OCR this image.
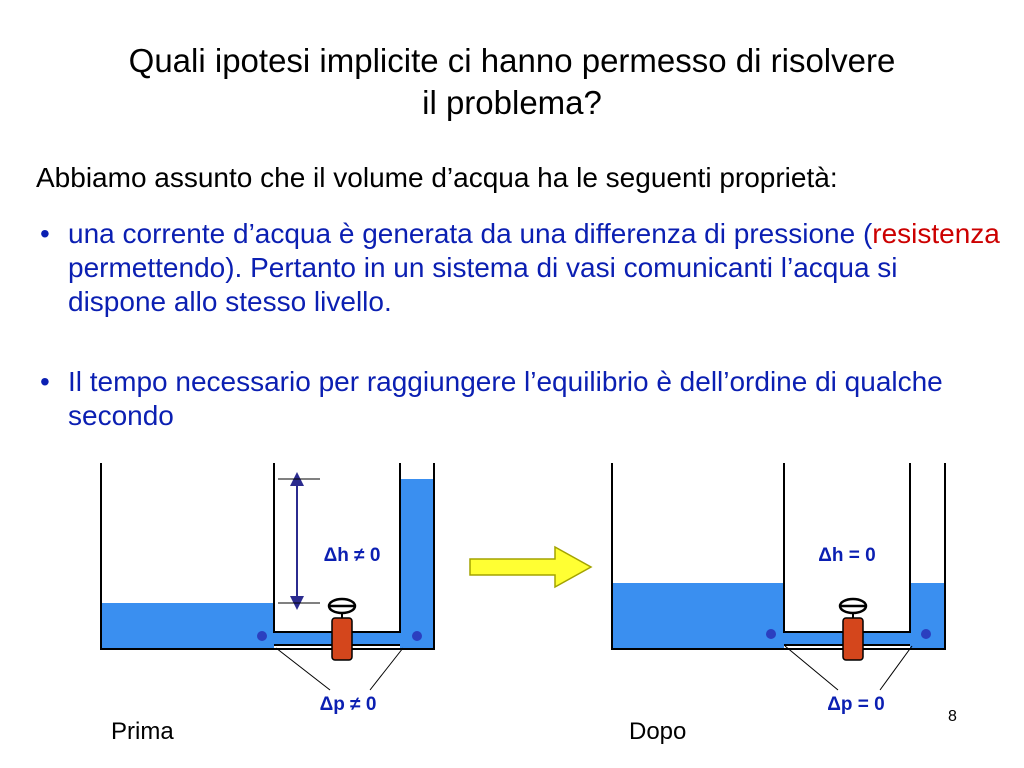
Quali ipotesi implicite ci hanno permesso di risolvere
il problema?
Abbiamo assunto che il volume d’acqua ha le seguenti proprietà:
• una corrente d’acqua è generata da una differenza di pressione (resistenza permettendo). Pertanto in un sistema di vasi comunicanti l’acqua si dispone allo stesso livello.
• Il tempo necessario per raggiungere l’equilibrio è dell’ordine di qualche secondo
Δh ≠ 0
Δp ≠ 0
Δh = 0
Δp = 0
8
Prima	Dopo
